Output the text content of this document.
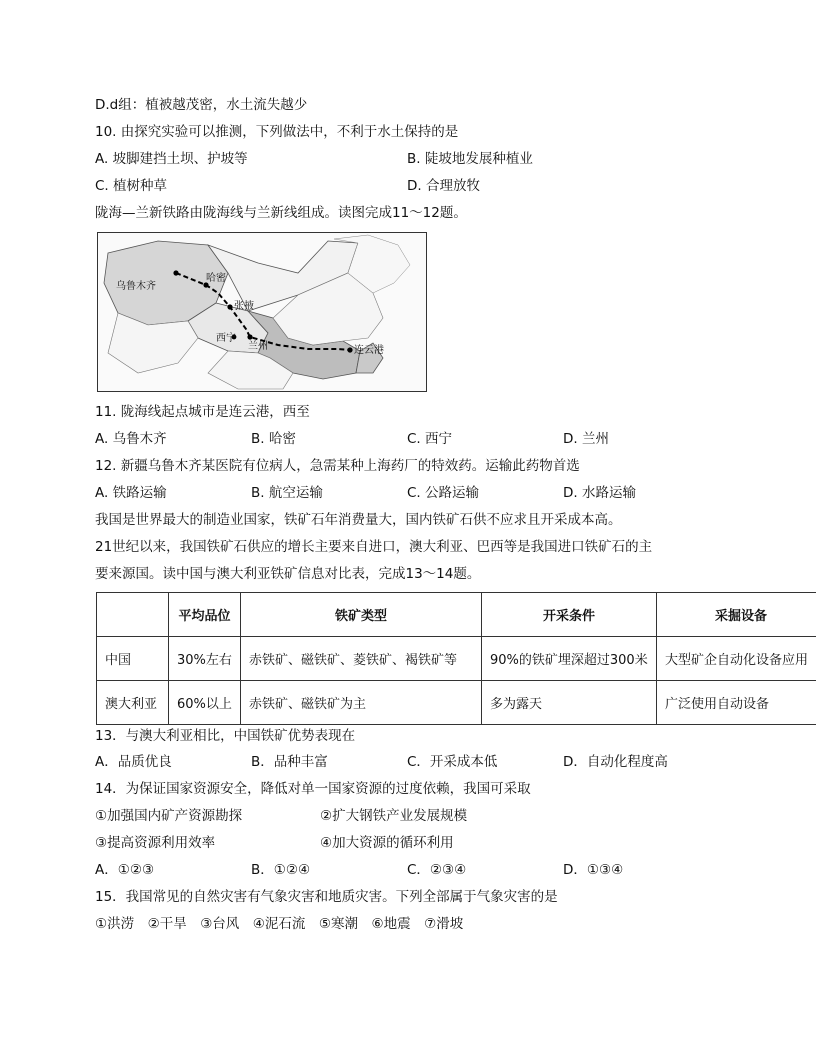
D.d组：植被越茂密，水土流失越少
10. 由探究实验可以推测，下列做法中，不利于水土保持的是
A. 坡脚建挡土坝、护坡等	B. 陡坡地发展种植业
C. 植树种草	D. 合理放牧
陇海—兰新铁路由陇海线与兰新线组成。读图完成11～12题。
乌鲁木齐
哈密
张掖
西宁
兰州	连云港
11. 陇海线起点城市是连云港，西至
A. 乌鲁木齐	B. 哈密	C. 西宁	D. 兰州
12. 新疆乌鲁木齐某医院有位病人，急需某种上海药厂的特效药。运输此药物首选
A. 铁路运输	B. 航空运输	C. 公路运输	D. 水路运输
我国是世界最大的制造业国家，铁矿石年消费量大，国内铁矿石供不应求且开采成本高。
21世纪以来，我国铁矿石供应的增长主要来自进口，澳大利亚、巴西等是我国进口铁矿石的主
要来源国。读中国与澳大利亚铁矿信息对比表，完成13～14题。
	平均品位	铁矿类型	开采条件	采掘设备
中国	30%左右	赤铁矿、磁铁矿、菱铁矿、褐铁矿等	90%的铁矿埋深超过300米	大型矿企自动化设备应用
澳大利亚	60%以上	赤铁矿、磁铁矿为主	多为露天	广泛使用自动设备
13．与澳大利亚相比，中国铁矿优势表现在
A．品质优良	B．品种丰富	C．开采成本低	D．自动化程度高
14．为保证国家资源安全，降低对单一国家资源的过度依赖，我国可采取
①加强国内矿产资源勘探	②扩大钢铁产业发展规模
③提高资源利用效率	④加大资源的循环利用
A．①②③	B．①②④	C．②③④	D．①③④
15．我国常见的自然灾害有气象灾害和地质灾害。下列全部属于气象灾害的是
①洪涝　②干旱　③台风　④泥石流　⑤寒潮　⑥地震　⑦滑坡
